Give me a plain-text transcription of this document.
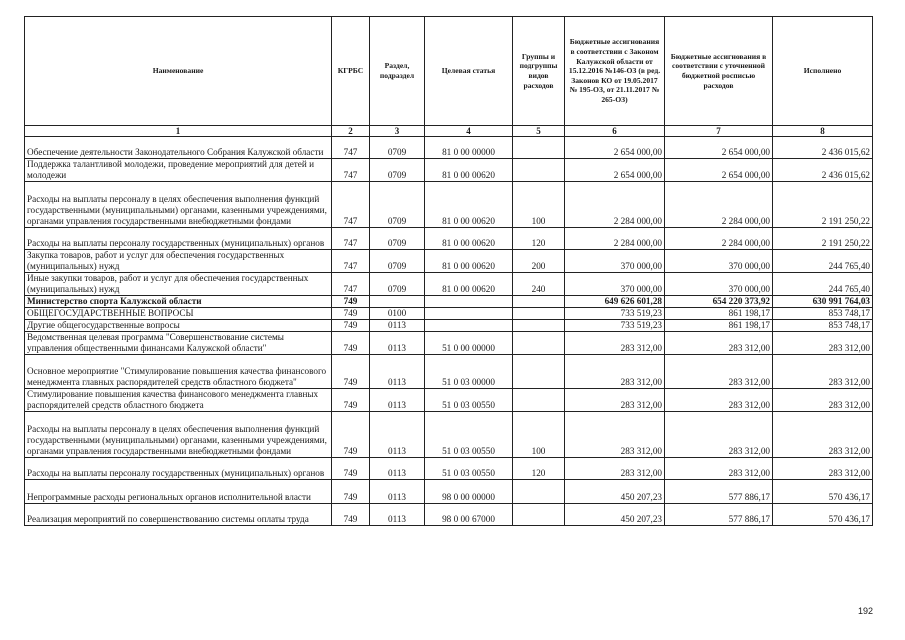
Наименование	КГРБС	Раздел, подраздел	Целевая статья	Группы и подгруппы видов расходов	Бюджетные ассигнования в соответствии с Законом Калужской области от 15.12.2016 №146-ОЗ (в ред. Законов КО от 19.05.2017 № 195-ОЗ, от 21.11.2017 № 265-ОЗ)	Бюджетные ассигнования в соответствии с уточненной бюджетной росписью расходов	Исполнено
1	2	3	4	5	6	7	8
Обеспечение деятельности Законодательного Собрания Калужской области	747	0709	81 0 00 00000		2 654 000,00	2 654 000,00	2 436 015,62
Поддержка талантливой молодежи, проведение мероприятий для детей и молодежи	747	0709	81 0 00 00620		2 654 000,00	2 654 000,00	2 436 015,62
Расходы на выплаты персоналу в целях обеспечения выполнения функций государственными (муниципальными) органами, казенными учреждениями, органами управления государственными внебюджетными фондами	747	0709	81 0 00 00620	100	2 284 000,00	2 284 000,00	2 191 250,22
Расходы на выплаты персоналу государственных (муниципальных) органов	747	0709	81 0 00 00620	120	2 284 000,00	2 284 000,00	2 191 250,22
Закупка товаров, работ и услуг для обеспечения государственных (муниципальных) нужд	747	0709	81 0 00 00620	200	370 000,00	370 000,00	244 765,40
Иные закупки товаров, работ и услуг для обеспечения государственных (муниципальных) нужд	747	0709	81 0 00 00620	240	370 000,00	370 000,00	244 765,40
Министерство спорта Калужской области	749				649 626 601,28	654 220 373,92	630 991 764,03
ОБЩЕГОСУДАРСТВЕННЫЕ ВОПРОСЫ	749	0100			733 519,23	861 198,17	853 748,17
Другие общегосударственные вопросы	749	0113			733 519,23	861 198,17	853 748,17
Ведомственная целевая программа "Совершенствование системы управления общественными финансами Калужской области"	749	0113	51 0 00 00000		283 312,00	283 312,00	283 312,00
Основное мероприятие "Стимулирование повышения качества финансового менеджмента главных распорядителей средств областного бюджета"	749	0113	51 0 03 00000		283 312,00	283 312,00	283 312,00
Стимулирование повышения качества финансового менеджмента главных распорядителей средств областного бюджета	749	0113	51 0 03 00550		283 312,00	283 312,00	283 312,00
Расходы на выплаты персоналу в целях обеспечения выполнения функций государственными (муниципальными) органами, казенными учреждениями, органами управления государственными внебюджетными фондами	749	0113	51 0 03 00550	100	283 312,00	283 312,00	283 312,00
Расходы на выплаты персоналу государственных (муниципальных) органов	749	0113	51 0 03 00550	120	283 312,00	283 312,00	283 312,00
Непрограммные расходы региональных органов исполнительной власти	749	0113	98 0 00 00000		450 207,23	577 886,17	570 436,17
Реализация мероприятий по совершенствованию системы оплаты труда	749	0113	98 0 00 67000		450 207,23	577 886,17	570 436,17
192
